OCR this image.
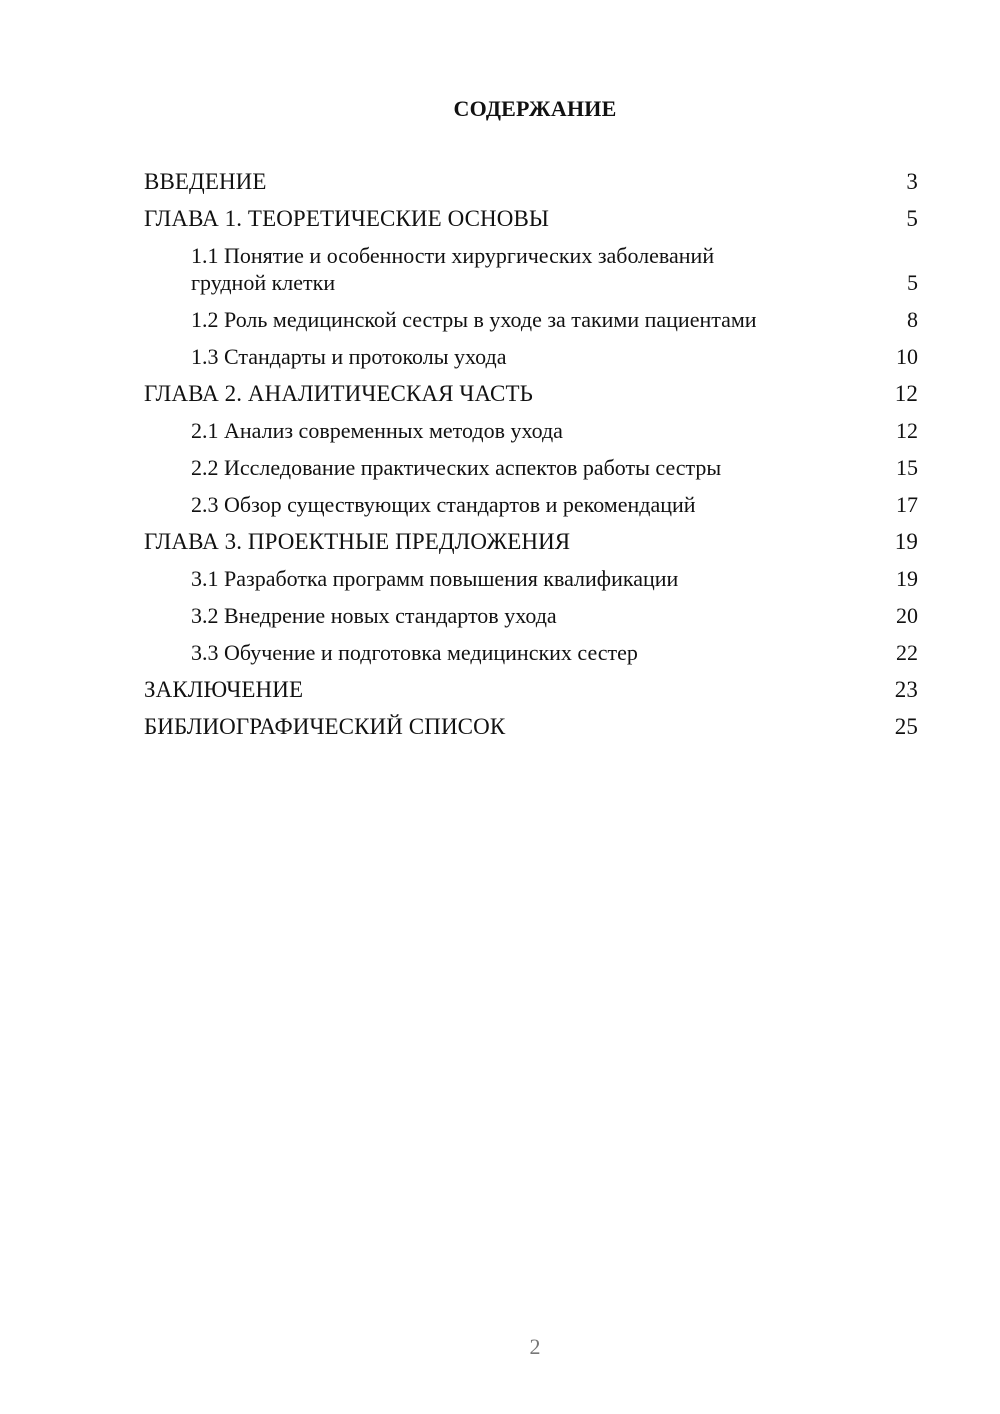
СОДЕРЖАНИЕ
ВВЕДЕНИЕ	3
ГЛАВА 1. ТЕОРЕТИЧЕСКИЕ ОСНОВЫ	5
1.1 Понятие и особенности хирургических заболеваний грудной клетки	5
1.2 Роль медицинской сестры в уходе за такими пациентами	8
1.3 Стандарты и протоколы ухода	10
ГЛАВА 2. АНАЛИТИЧЕСКАЯ ЧАСТЬ	12
2.1 Анализ современных методов ухода	12
2.2 Исследование практических аспектов работы сестры	15
2.3 Обзор существующих стандартов и рекомендаций	17
ГЛАВА 3. ПРОЕКТНЫЕ ПРЕДЛОЖЕНИЯ	19
3.1 Разработка программ повышения квалификации	19
3.2 Внедрение новых стандартов ухода	20
3.3 Обучение и подготовка медицинских сестер	22
ЗАКЛЮЧЕНИЕ	23
БИБЛИОГРАФИЧЕСКИЙ СПИСОК	25
2
